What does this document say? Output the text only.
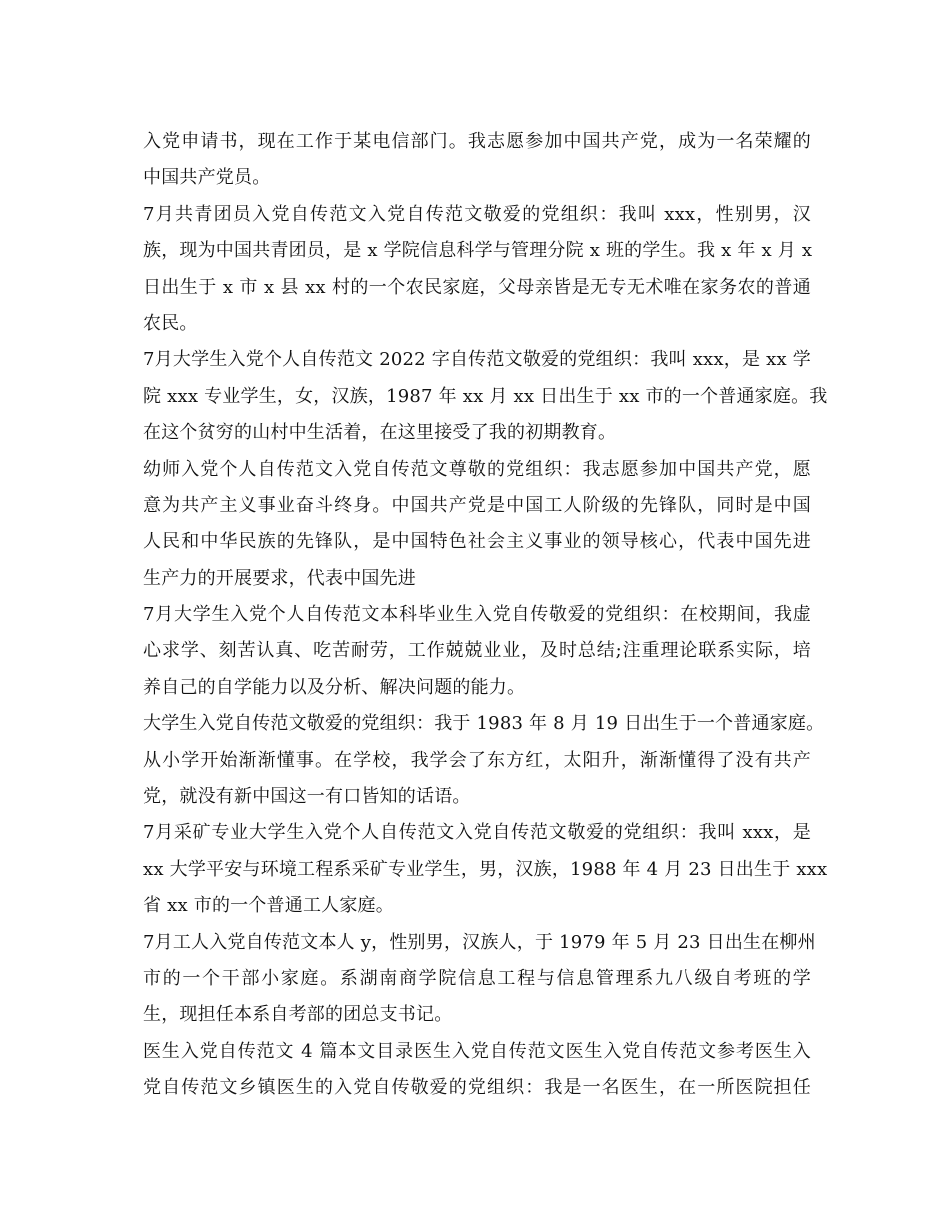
入党申请书，现在工作于某电信部门。我志愿参加中国共产党，成为一名荣耀的
中国共产党员。
7月共青团员入党自传范文入党自传范文敬爱的党组织：我叫 xxx，性别男，汉
族，现为中国共青团员，是 x 学院信息科学与管理分院 x 班的学生。我 x 年 x 月 x
日出生于 x 市 x 县 xx 村的一个农民家庭，父母亲皆是无专无术唯在家务农的普通
农民。
7月大学生入党个人自传范文 2022 字自传范文敬爱的党组织：我叫 xxx，是 xx 学
院 xxx 专业学生，女，汉族，1987 年 xx 月 xx 日出生于 xx 市的一个普通家庭。我
在这个贫穷的山村中生活着，在这里接受了我的初期教育。
幼师入党个人自传范文入党自传范文尊敬的党组织：我志愿参加中国共产党，愿
意为共产主义事业奋斗终身。中国共产党是中国工人阶级的先锋队，同时是中国
人民和中华民族的先锋队，是中国特色社会主义事业的领导核心，代表中国先进
生产力的开展要求，代表中国先进
7月大学生入党个人自传范文本科毕业生入党自传敬爱的党组织：在校期间，我虚
心求学、刻苦认真、吃苦耐劳，工作兢兢业业，及时总结;注重理论联系实际，培
养自己的自学能力以及分析、解决问题的能力。
大学生入党自传范文敬爱的党组织：我于 1983 年 8 月 19 日出生于一个普通家庭。
从小学开始渐渐懂事。在学校，我学会了东方红，太阳升，渐渐懂得了没有共产
党，就没有新中国这一有口皆知的话语。
7月采矿专业大学生入党个人自传范文入党自传范文敬爱的党组织：我叫 xxx，是
xx 大学平安与环境工程系采矿专业学生，男，汉族，1988 年 4 月 23 日出生于 xxx
省 xx 市的一个普通工人家庭。
7月工人入党自传范文本人 y，性别男，汉族人，于 1979 年 5 月 23 日出生在柳州
市的一个干部小家庭。系湖南商学院信息工程与信息管理系九八级自考班的学
生，现担任本系自考部的团总支书记。
医生入党自传范文 4 篇本文目录医生入党自传范文医生入党自传范文参考医生入
党自传范文乡镇医生的入党自传敬爱的党组织：我是一名医生，在一所医院担任
